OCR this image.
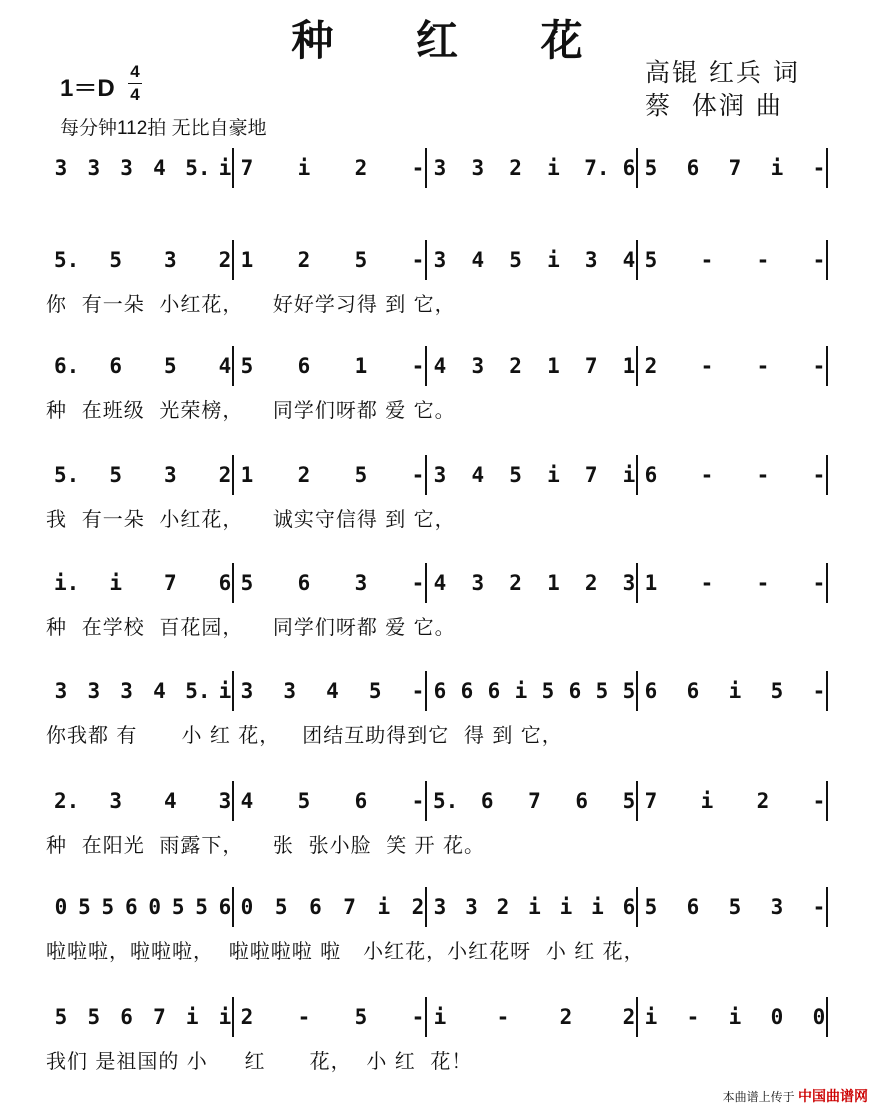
种 红 花
高锟 红兵 词
蔡  体润 曲
1＝D
4
4
每分钟112拍 无比自豪地
3 3 3 4 5. i 7 i 2 - 3 3 2 i 7. 6 5 6 7 i -
5. 5 3 2 1 2 5 - 3 4 5 i 3 4 5 - - -
你  有一朵  小红花，    好好学习得 到 它，
6. 6 5 4 5 6 1 - 4 3 2 1 7 1 2 - - -
种  在班级  光荣榜，    同学们呀都 爱 它。
5. 5 3 2 1 2 5 - 3 4 5 i 7 i 6 - - -
我  有一朵  小红花，    诚实守信得 到 它，
i. i 7 6 5 6 3 - 4 3 2 1 2 3 1 - - -
种  在学校  百花园，    同学们呀都 爱 它。
3 3 3 4 5. i 3 3 4 5 - 6 6 6 i 5 6 5 5 6 6 i 5 -
你我都 有      小 红 花，   团结互助得到它  得 到 它，
2. 3 4 3 4 5 6 - 5. 6 7 6 5 7 i 2 -
种  在阳光  雨露下，    张  张小脸  笑 开 花。
0 5 5 6 0 5 5 6 0 5 6 7 i 2 3 3 2 i i i 6 5 6 5 3 -
啦啦啦，啦啦啦，  啦啦啦啦 啦   小红花，小红花呀  小 红 花，
5 5 6 7 i i 2 - 5 - i - 2 2 i - i 0 0
我们 是祖国的 小     红      花，  小 红  花！
本曲谱上传于 中国曲谱网
